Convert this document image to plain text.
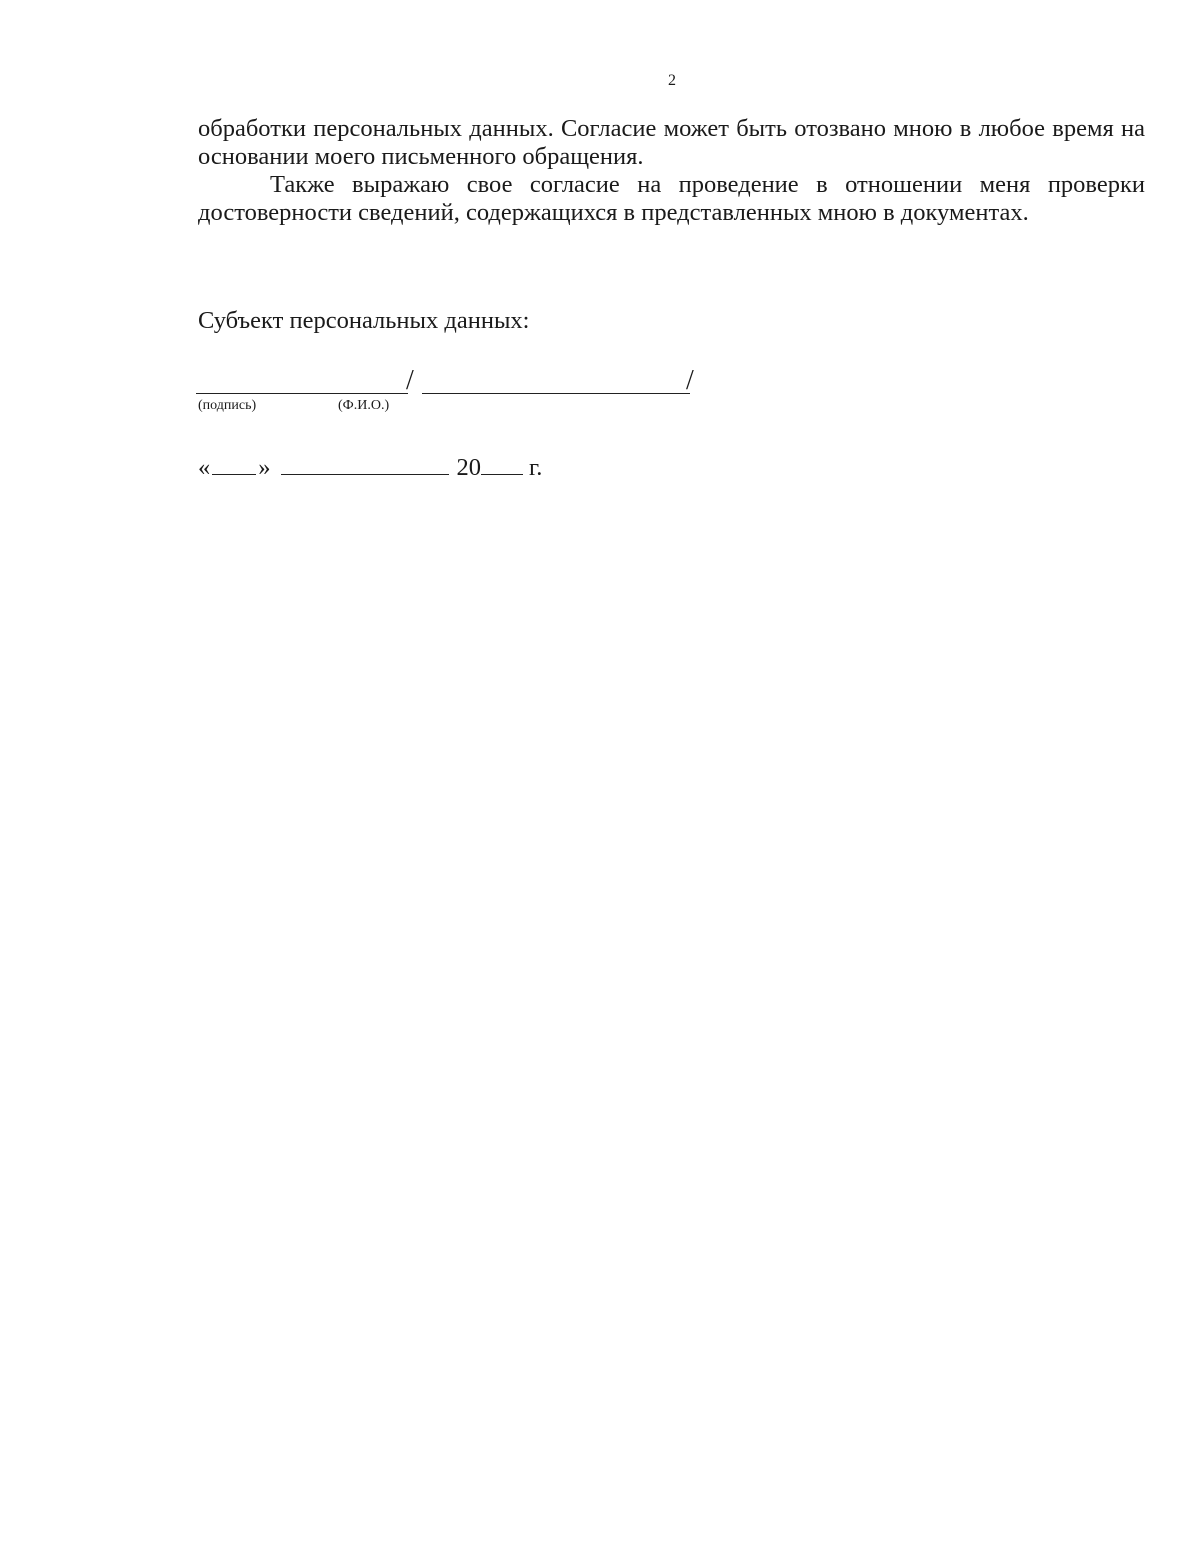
2

обработки персональных данных. Согласие может быть отозвано мною в любое время на основании моего письменного обращения.

Также выражаю свое согласие на проведение в отношении меня проверки достоверности сведений, содержащихся в представленных мною в документах.

Субъект персональных данных:
/	/
(подпись)	(Ф.И.О.)
« »	20 г.
